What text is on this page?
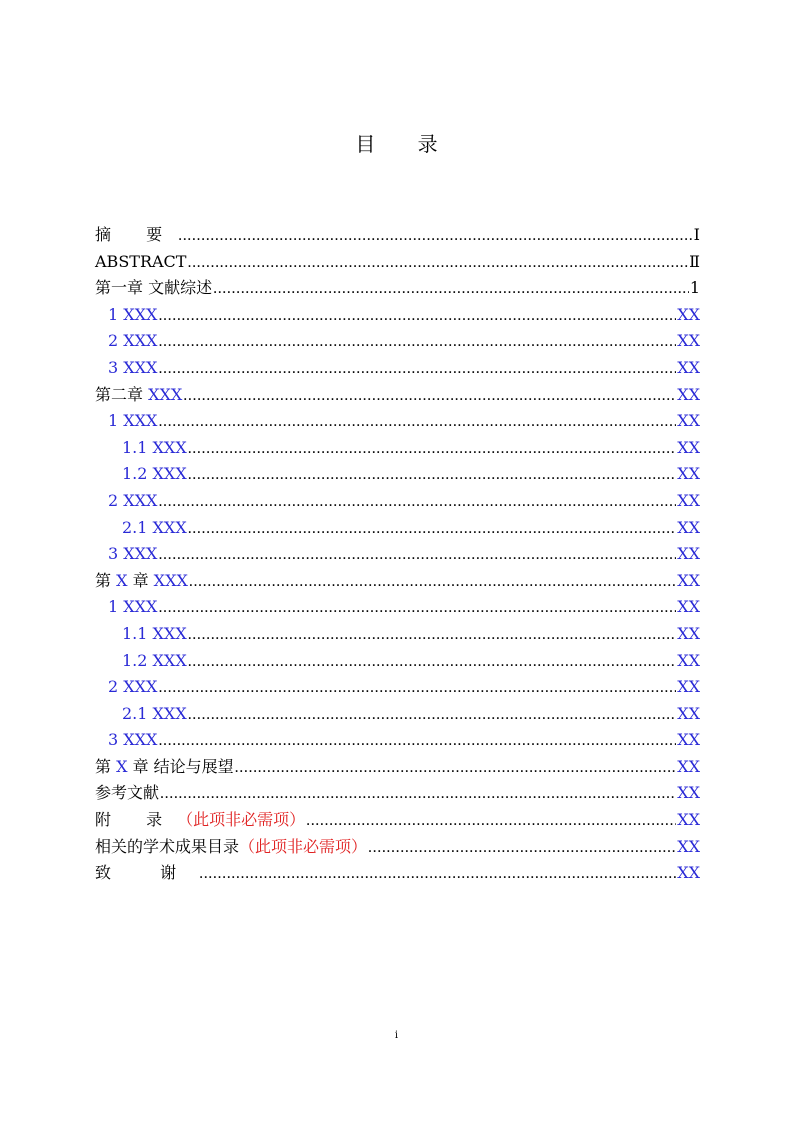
目 录
摘 要 .....	Ⅰ
ABSTRACT .....	Ⅱ
第一章 文献综述 .....	1
1 XXX .....	XX
2 XXX .....	XX
3 XXX .....	XX
第二章 XXX .....	XX
1 XXX .....	XX
1.1 XXX .....	XX
1.2 XXX .....	XX
2 XXX .....	XX
2.1 XXX .....	XX
3 XXX .....	XX
第 X 章 XXX .....	XX
1 XXX .....	XX
1.1 XXX .....	XX
1.2 XXX .....	XX
2 XXX .....	XX
2.1 XXX .....	XX
3 XXX .....	XX
第 X 章 结论与展望 .....	XX
参考文献 .....	XX
附 录（此项非必需项） .....	XX
相关的学术成果目录（此项非必需项） .....	XX
致 谢 .....	XX
i
